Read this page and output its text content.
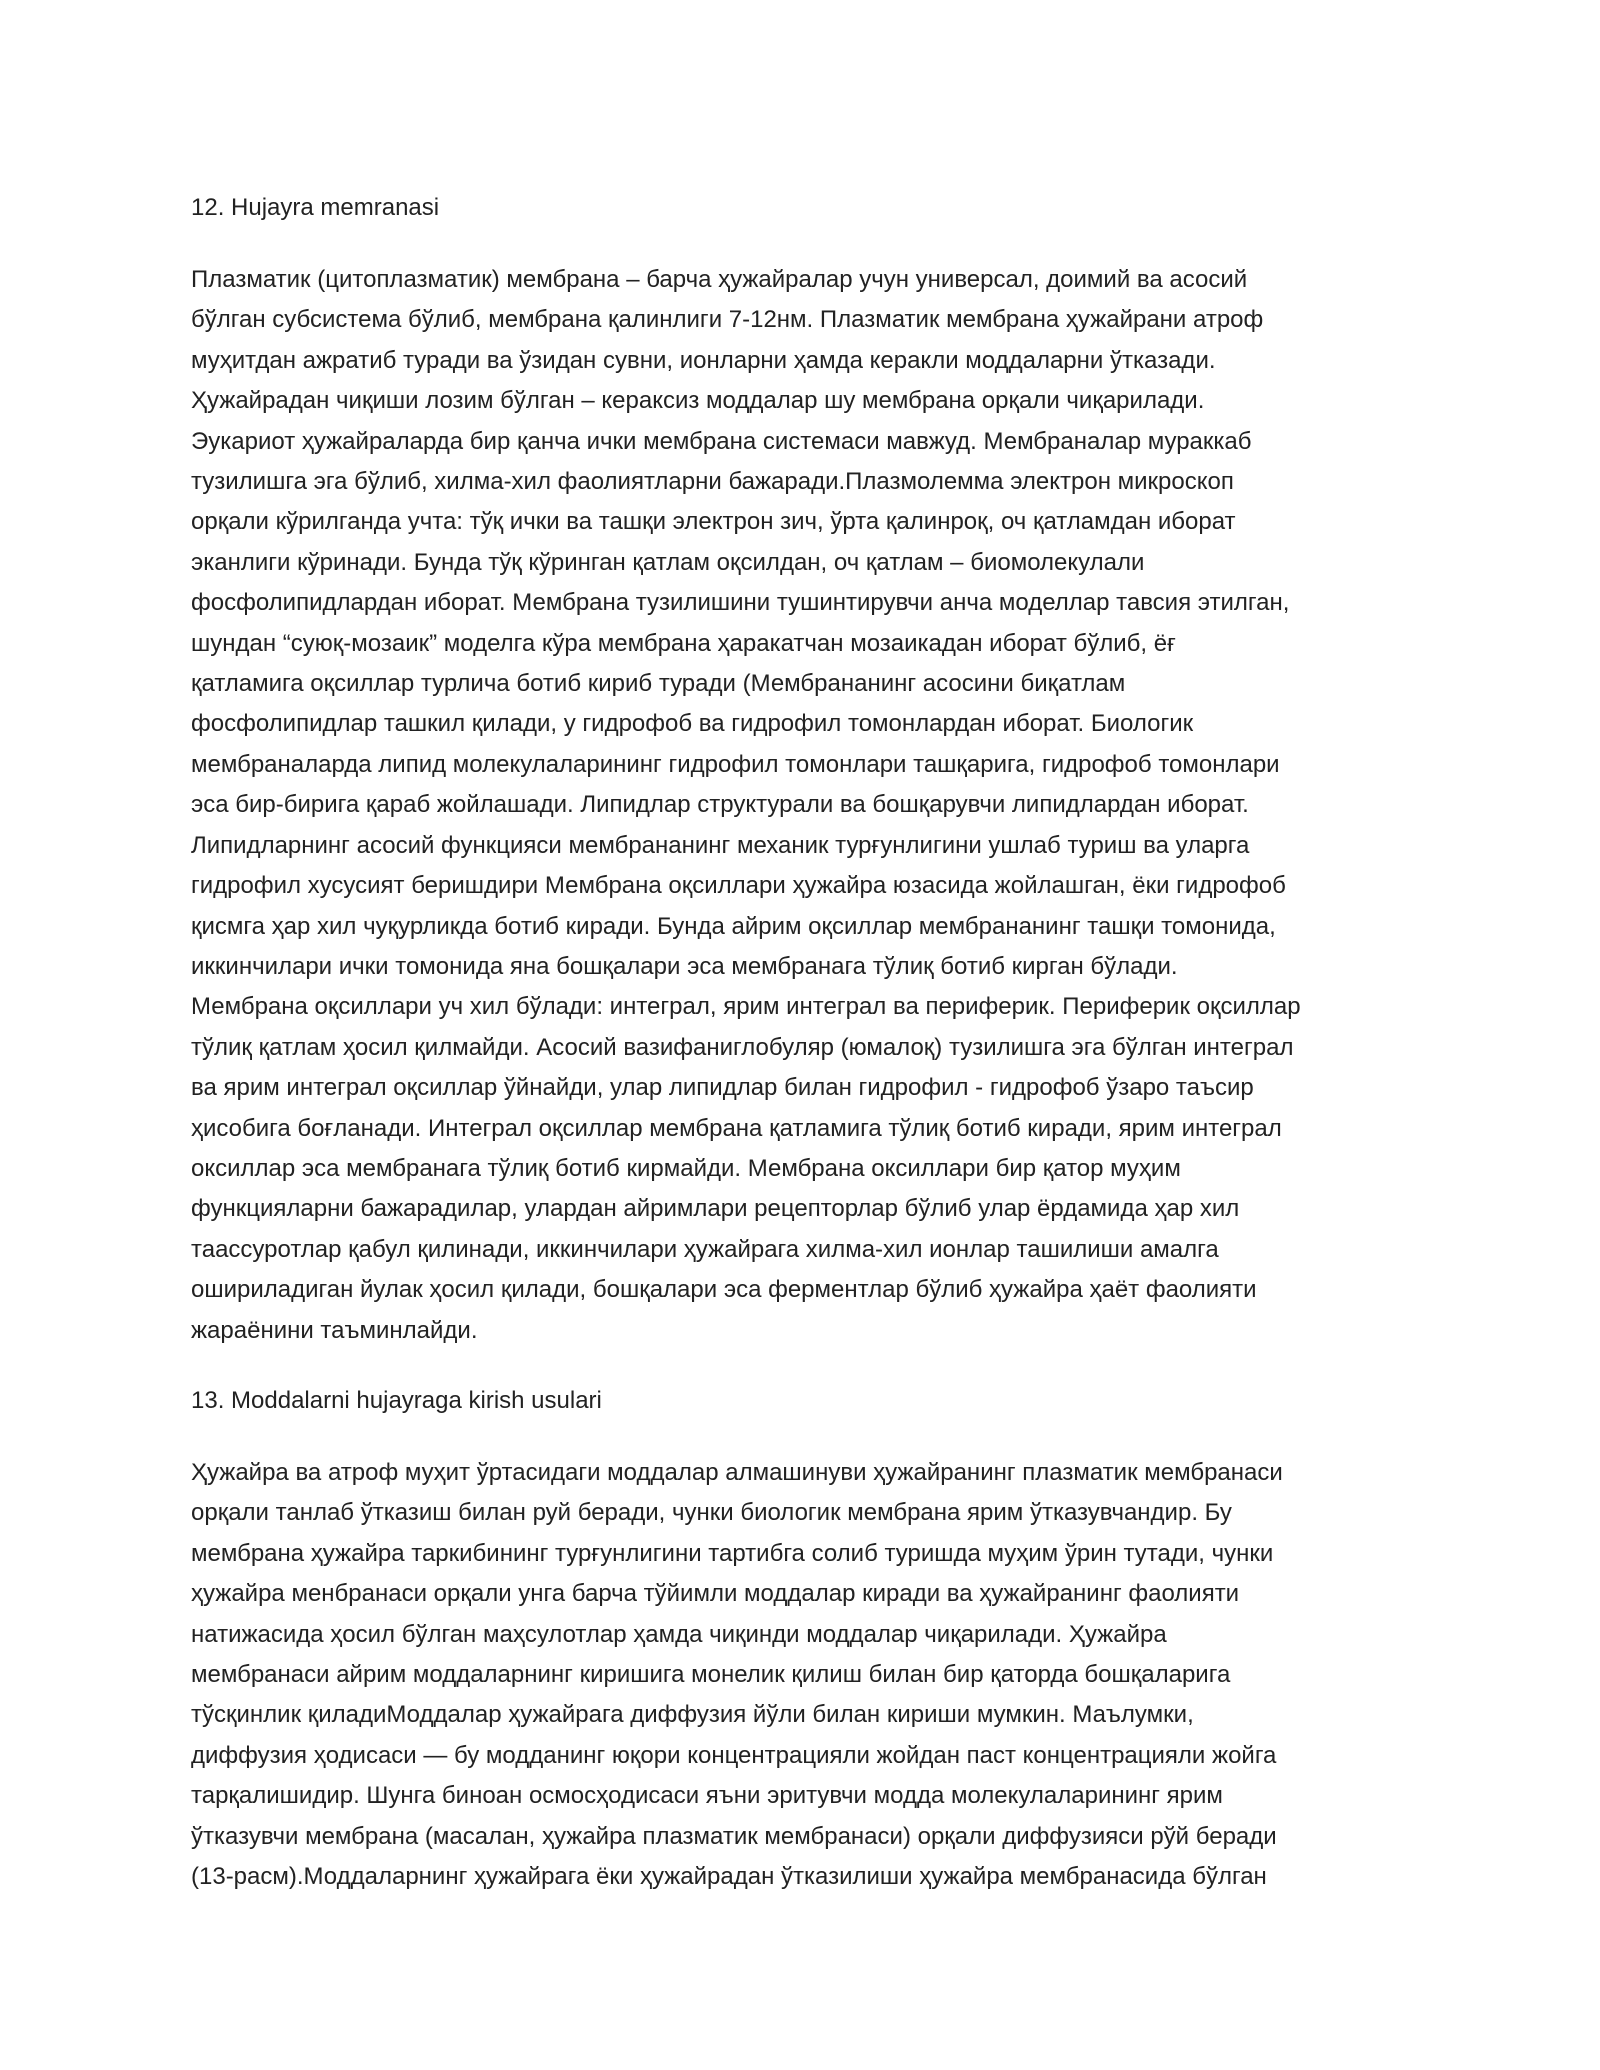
12. Hujayra memranasi

Плазматик (цитоплазматик) мембрана – барча ҳужайралар учун универсал, доимий ва асосий
бўлган субсистема бўлиб, мембрана қалинлиги 7-12нм. Плазматик мембрана ҳужайрани атроф
муҳитдан ажратиб туради ва ўзидан сувни, ионларни ҳамда керакли моддаларни ўтказади.
Ҳужайрадан чиқиши лозим бўлган – кераксиз моддалар шу мембрана орқали чиқарилади.
Эукариот ҳужайраларда бир қанча ички мембрана системаси мавжуд. Мембраналар мураккаб
тузилишга эга бўлиб, хилма-хил фаолиятларни бажаради.Плазмолемма электрон микроскоп
орқали кўрилганда учта: тўқ ички ва ташқи электрон зич, ўрта қалинроқ, оч қатламдан иборат
эканлиги кўринади. Бунда тўқ кўринган қатлам оқсилдан, оч қатлам – биомолекулали
фосфолипидлардан иборат. Мембрана тузилишини тушинтирувчи анча моделлар тавсия этилган,
шундан “суюқ-мозаик” моделга кўра мембрана ҳаракатчан мозаикадан иборат бўлиб, ёғ
қатламига оқсиллар турлича ботиб кириб туради (Мембрананинг асосини биқатлам
фосфолипидлар ташкил қилади, у гидрофоб ва гидрофил томонлардан иборат. Биологик
мембраналарда липид молекулаларининг гидрофил томонлари ташқарига, гидрофоб томонлари
эса бир-бирига қараб жойлашади. Липидлар структурали ва бошқарувчи липидлардан иборат.
Липидларнинг асосий функцияси мембрананинг механик турғунлигини ушлаб туриш ва уларга
гидрофил хусусият беришдири Мембрана оқсиллари ҳужайра юзасида жойлашган, ёки гидрофоб
қисмга ҳар хил чуқурликда ботиб киради. Бунда айрим оқсиллар мембрананинг ташқи томонида,
иккинчилари ички томонида яна бошқалари эса мембранага тўлиқ ботиб кирган бўлади.
Мембрана оқсиллари уч хил бўлади: интеграл, ярим интеграл ва периферик. Периферик оқсиллар
тўлиқ қатлам ҳосил қилмайди. Асосий вазифаниглобуляр (юмалоқ) тузилишга эга бўлган интеграл
ва ярим интеграл оқсиллар ўйнайди, улар липидлар билан гидрофил - гидрофоб ўзаро таъсир
ҳисобига боғланади. Интеграл оқсиллар мембрана қатламига тўлиқ ботиб киради, ярим интеграл
оксиллар эса мембранага тўлиқ ботиб кирмайди. Мембрана оксиллари бир қатор муҳим
функцияларни бажарадилар, улардан айримлари рецепторлар бўлиб улар ёрдамида ҳар хил
таассуротлар қабул қилинади, иккинчилари ҳужайрага хилма-хил ионлар ташилиши амалга
ошириладиган йулак ҳосил қилади, бошқалари эса ферментлар бўлиб ҳужайра ҳаёт фаолияти
жараёнини таъминлайди.

13. Moddalarni hujayraga kirish usulari

Ҳужайра ва атроф муҳит ўртасидаги моддалар алмашинуви ҳужайранинг плазматик мембранаси
орқали танлаб ўтказиш билан руй беради, чунки биологик мембрана ярим ўтказувчандир. Бу
мембрана ҳужайра таркибининг турғунлигини тартибга солиб туришда муҳим ўрин тутади, чунки
ҳужайра менбранаси орқали унга барча тўйимли моддалар киради ва ҳужайранинг фаолияти
натижасида ҳосил бўлган маҳсулотлар ҳамда чиқинди моддалар чиқарилади. Ҳужайра
мембранаси айрим моддаларнинг киришига монелик қилиш билан бир қаторда бошқаларига
тўсқинлик қиладиМоддалар ҳужайрага диффузия йўли билан кириши мумкин. Маълумки,
диффузия ҳодисаси — бу модданинг юқори концентрацияли жойдан паст концентрацияли жойга
тарқалишидир. Шунга биноан осмосҳодисаси яъни эритувчи модда молекулаларининг ярим
ўтказувчи мембрана (масалан, ҳужайра плазматик мембранаси) орқали диффузияси рўй беради
(13-расм).Моддаларнинг ҳужайрага ёки ҳужайрадан ўтказилиши ҳужайра мембранасида бўлган
